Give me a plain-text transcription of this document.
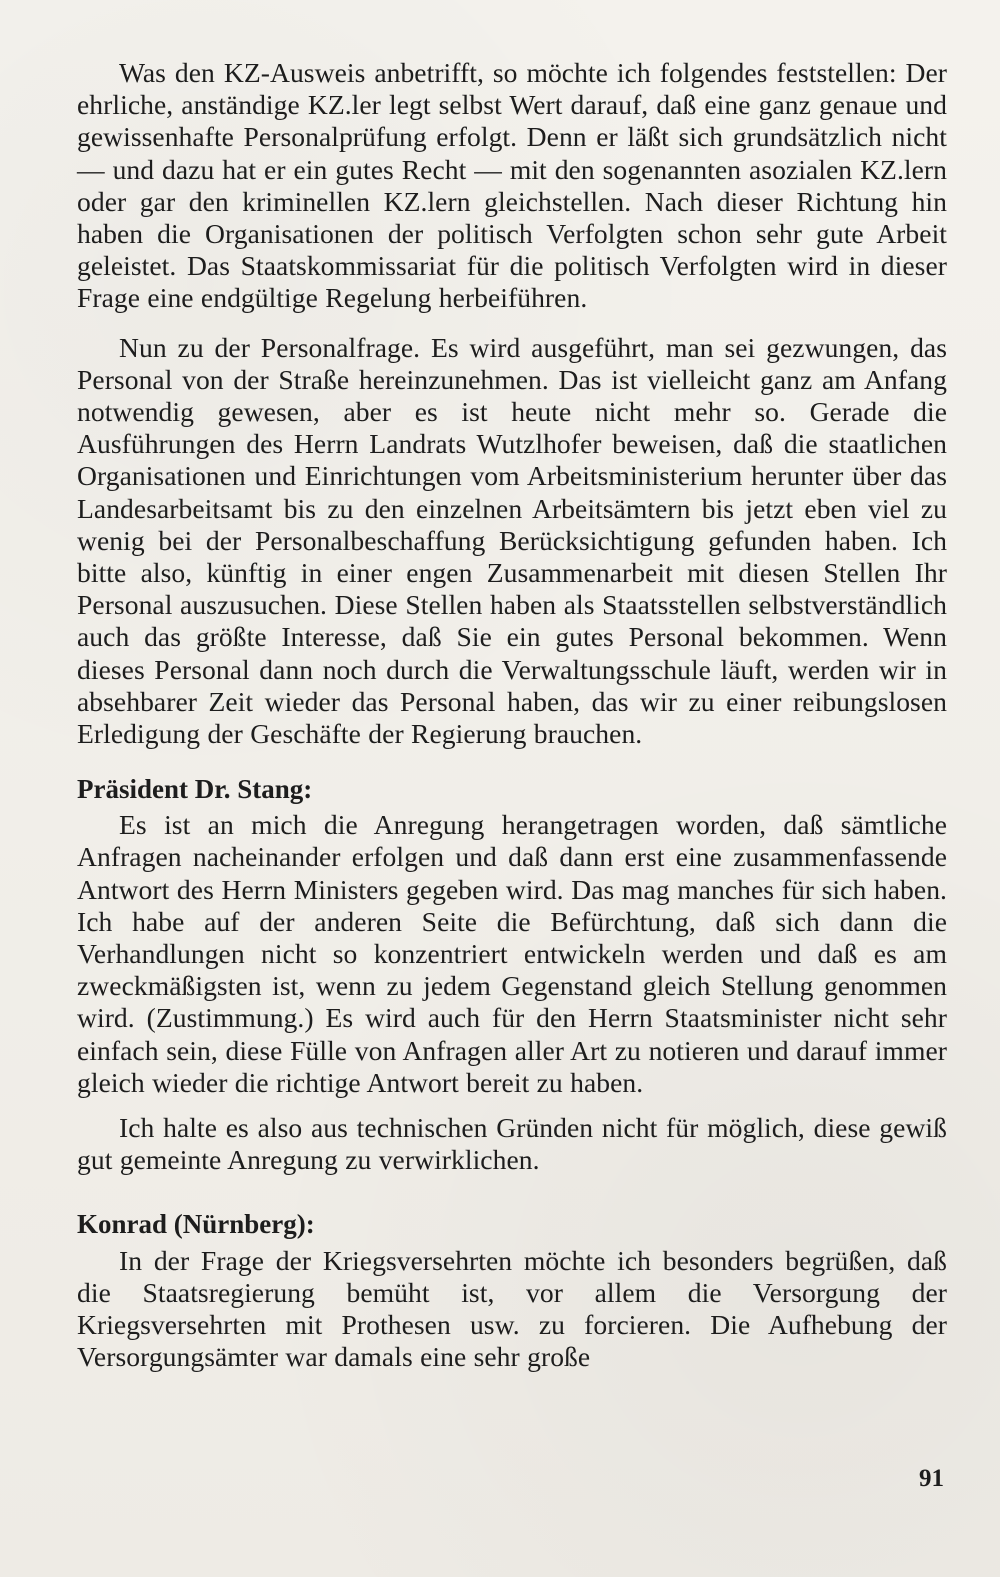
Was den KZ-Ausweis anbetrifft, so möchte ich folgendes feststellen: Der ehrliche, anständige KZ.ler legt selbst Wert darauf, daß eine ganz genaue und gewissenhafte Personalprüfung erfolgt. Denn er läßt sich grundsätzlich nicht — und dazu hat er ein gutes Recht — mit den sogenannten asozialen KZ.lern oder gar den kriminellen KZ.lern gleichstellen. Nach dieser Richtung hin haben die Organisationen der politisch Verfolgten schon sehr gute Arbeit geleistet. Das Staatskommissariat für die politisch Verfolgten wird in dieser Frage eine endgültige Regelung herbeiführen.

Nun zu der Personalfrage. Es wird ausgeführt, man sei gezwungen, das Personal von der Straße hereinzunehmen. Das ist vielleicht ganz am Anfang notwendig gewesen, aber es ist heute nicht mehr so. Gerade die Ausführungen des Herrn Landrats Wutzlhofer beweisen, daß die staatlichen Organisationen und Einrichtungen vom Arbeitsministerium herunter über das Landesarbeitsamt bis zu den einzelnen Arbeitsämtern bis jetzt eben viel zu wenig bei der Personalbeschaffung Berücksichtigung gefunden haben. Ich bitte also, künftig in einer engen Zusammenarbeit mit diesen Stellen Ihr Personal auszusuchen. Diese Stellen haben als Staatsstellen selbstverständlich auch das größte Interesse, daß Sie ein gutes Personal bekommen. Wenn dieses Personal dann noch durch die Verwaltungsschule läuft, werden wir in absehbarer Zeit wieder das Personal haben, das wir zu einer reibungslosen Erledigung der Geschäfte der Regierung brauchen.

Präsident Dr. Stang:

Es ist an mich die Anregung herangetragen worden, daß sämtliche Anfragen nacheinander erfolgen und daß dann erst eine zusammenfassende Antwort des Herrn Ministers gegeben wird. Das mag manches für sich haben. Ich habe auf der anderen Seite die Befürchtung, daß sich dann die Verhandlungen nicht so konzentriert entwickeln werden und daß es am zweckmäßigsten ist, wenn zu jedem Gegenstand gleich Stellung genommen wird. (Zustimmung.) Es wird auch für den Herrn Staatsminister nicht sehr einfach sein, diese Fülle von Anfragen aller Art zu notieren und darauf immer gleich wieder die richtige Antwort bereit zu haben.

Ich halte es also aus technischen Gründen nicht für möglich, diese gewiß gut gemeinte Anregung zu verwirklichen.

Konrad (Nürnberg):

In der Frage der Kriegsversehrten möchte ich besonders begrüßen, daß die Staatsregierung bemüht ist, vor allem die Versorgung der Kriegsversehrten mit Prothesen usw. zu forcieren. Die Aufhebung der Versorgungsämter war damals eine sehr große

91
